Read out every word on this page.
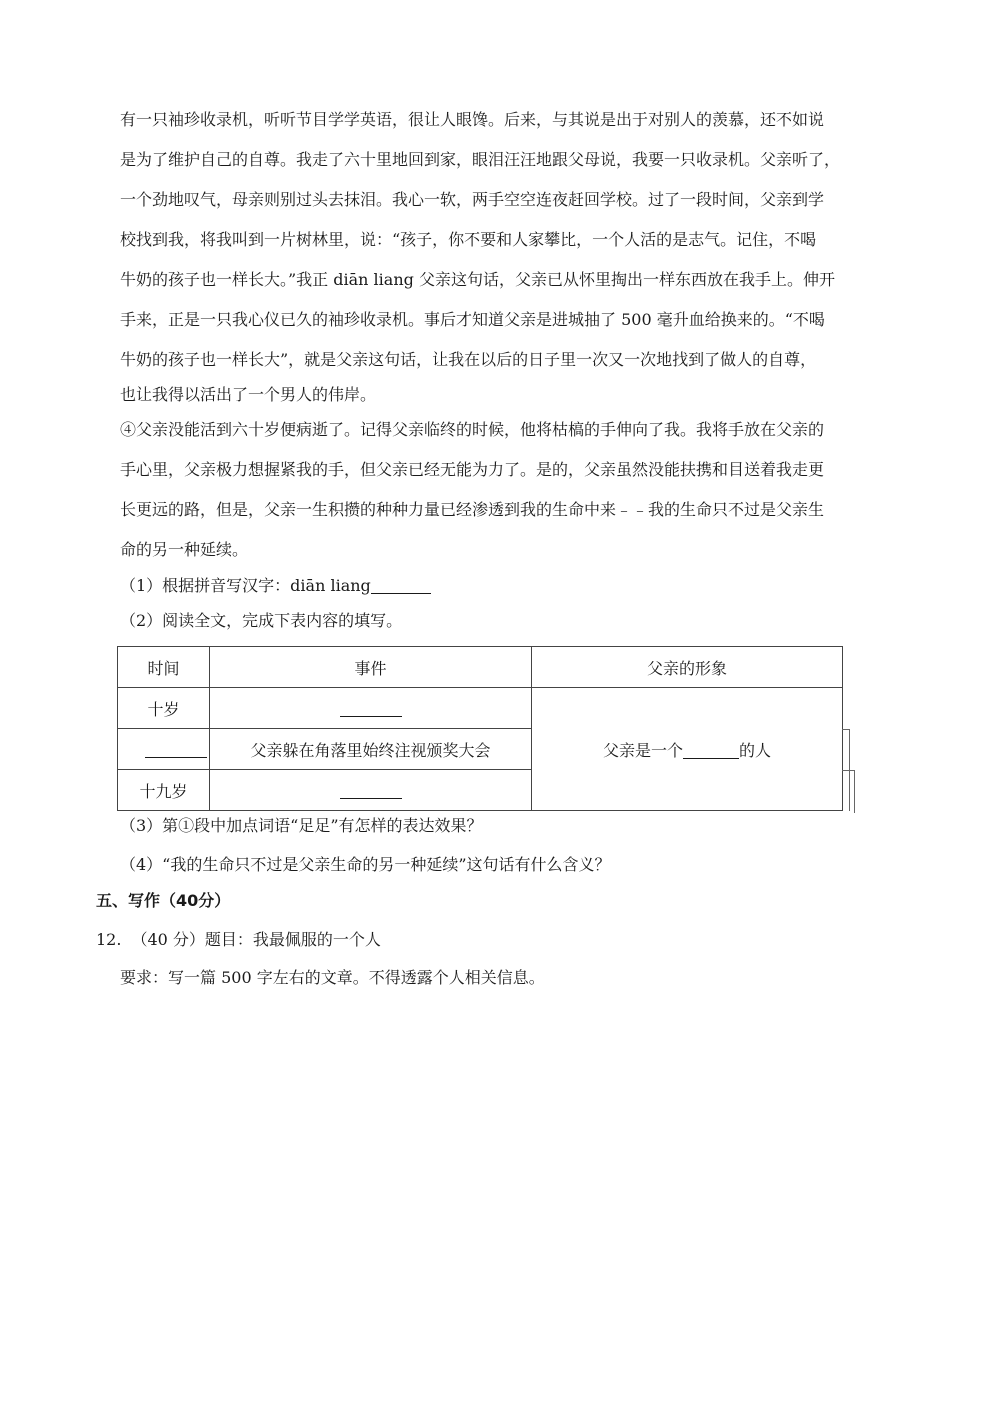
有一只袖珍收录机，听听节目学学英语，很让人眼馋。后来，与其说是出于对别人的羡慕，还不如说
是为了维护自己的自尊。我走了六十里地回到家，眼泪汪汪地跟父母说，我要一只收录机。父亲听了，
一个劲地叹气，母亲则别过头去抹泪。我心一软，两手空空连夜赶回学校。过了一段时间，父亲到学
校找到我，将我叫到一片树林里，说：“孩子，你不要和人家攀比，一个人活的是志气。记住，不喝
牛奶的孩子也一样长大。”我正 diān liang 父亲这句话，父亲已从怀里掏出一样东西放在我手上。伸开
手来，正是一只我心仪已久的袖珍收录机。事后才知道父亲是进城抽了 500 毫升血给换来的。“不喝
牛奶的孩子也一样长大”，就是父亲这句话，让我在以后的日子里一次又一次地找到了做人的自尊，
也让我得以活出了一个男人的伟岸。
④父亲没能活到六十岁便病逝了。记得父亲临终的时候，他将枯槁的手伸向了我。我将手放在父亲的
手心里，父亲极力想握紧我的手，但父亲已经无能为力了。是的，父亲虽然没能扶携和目送着我走更
长更远的路，但是，父亲一生积攒的种种力量已经渗透到我的生命中来﹣﹣我的生命只不过是父亲生
命的另一种延续。
（1）根据拼音写汉字：diān liang
（2）阅读全文，完成下表内容的填写。
时间	事件	父亲的形象
十岁		父亲是一个 的人
	父亲躲在角落里始终注视颁奖大会	
十九岁		
（3）第①段中加点词语“足足”有怎样的表达效果？
（4）“我的生命只不过是父亲生命的另一种延续”这句话有什么含义？
五、写作（40分）
12. （40 分）题目：我最佩服的一个人
要求：写一篇 500 字左右的文章。不得透露个人相关信息。
